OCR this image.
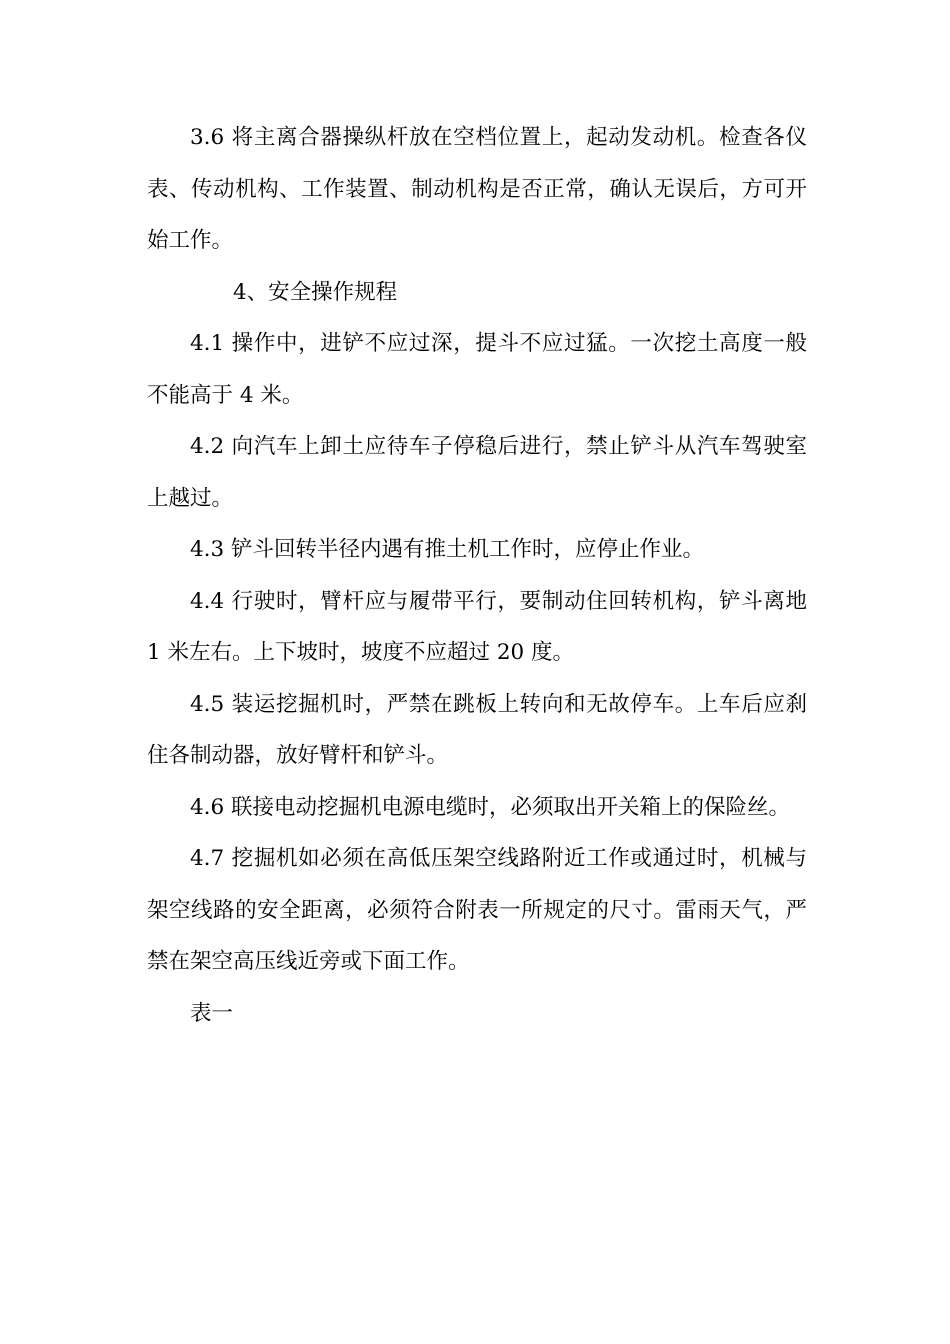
3.6 将主离合器操纵杆放在空档位置上，起动发动机。检查各仪表、传动机构、工作装置、制动机构是否正常，确认无误后，方可开始工作。

4、安全操作规程

4.1 操作中，进铲不应过深，提斗不应过猛。一次挖土高度一般不能高于 4 米。

4.2 向汽车上卸土应待车子停稳后进行，禁止铲斗从汽车驾驶室上越过。

4.3 铲斗回转半径内遇有推土机工作时，应停止作业。

4.4 行驶时，臂杆应与履带平行，要制动住回转机构，铲斗离地 1 米左右。上下坡时，坡度不应超过 20 度。

4.5 装运挖掘机时，严禁在跳板上转向和无故停车。上车后应刹住各制动器，放好臂杆和铲斗。

4.6 联接电动挖掘机电源电缆时，必须取出开关箱上的保险丝。

4.7 挖掘机如必须在高低压架空线路附近工作或通过时，机械与架空线路的安全距离，必须符合附表一所规定的尺寸。雷雨天气，严禁在架空高压线近旁或下面工作。

表一
